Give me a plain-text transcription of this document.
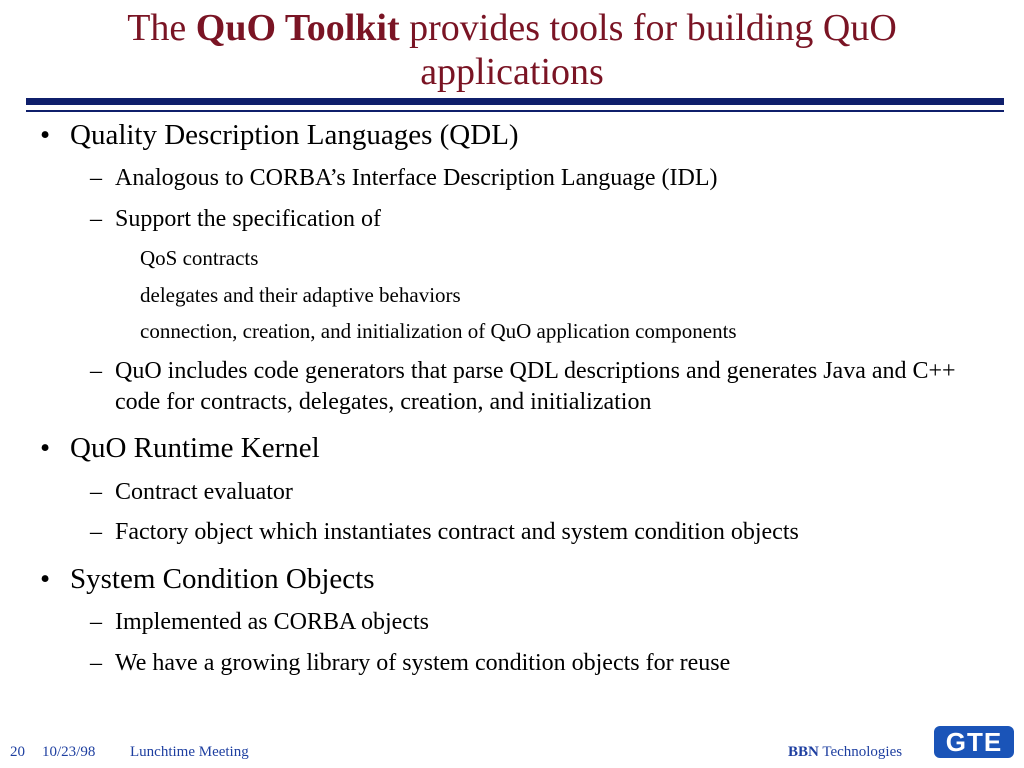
The QuO Toolkit provides tools for building QuO applications
• Quality Description Languages (QDL)
– Analogous to CORBA’s Interface Description Language (IDL)
– Support the specification of
QoS contracts
delegates and their adaptive behaviors
connection, creation, and initialization of QuO application components
– QuO includes code generators that parse QDL descriptions and generates Java and C++ code for contracts, delegates, creation, and initialization
• QuO Runtime Kernel
– Contract evaluator
– Factory object which instantiates contract and system condition objects
• System Condition Objects
– Implemented as CORBA objects
– We have a growing library of system condition objects for reuse
20 10/23/98 Lunchtime Meeting	BBN Technologies GTE
